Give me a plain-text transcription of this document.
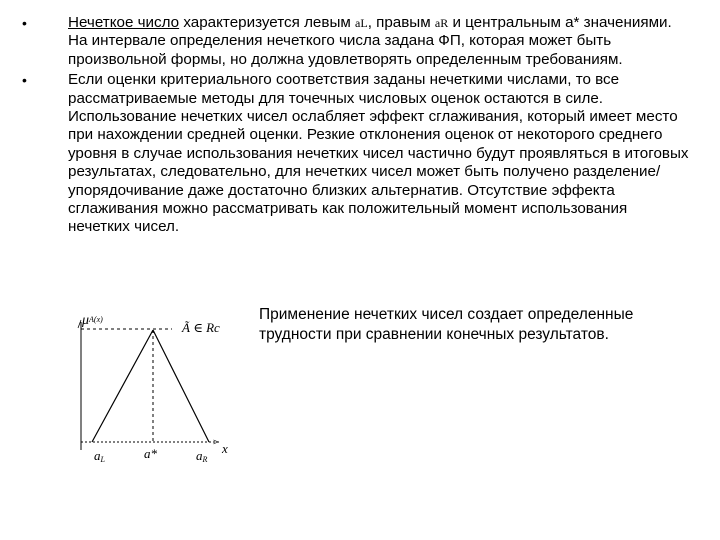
•	Нечеткое число характеризуется левым aL, правым aR и центральным а* значениями. На интервале определения нечеткого числа задана ФП, которая может быть произвольной формы, но должна удовлетворять определенным требованиям.
•	Если оценки критериального соответствия заданы нечеткими числами, то все рассматриваемые методы для точечных числовых оценок остаются в силе. Использование нечетких чисел ослабляет эффект сглаживания, который имеет место при нахождении средней оценки. Резкие отклонения оценок от некоторого среднего уровня в случае использования нечетких чисел частично будут проявляться в итоговых результатах, следовательно, для нечетких чисел может быть получено разделение/упорядочивание даже достаточно близких альтернатив. Отсутствие эффекта сглаживания можно рассматривать как положительный момент использования нечетких чисел.
Применение нечетких чисел создает определенные трудности при сравнении конечных результатов.
μA(x)
Ã ∈ Rc
x
>
aL	a*	aR
